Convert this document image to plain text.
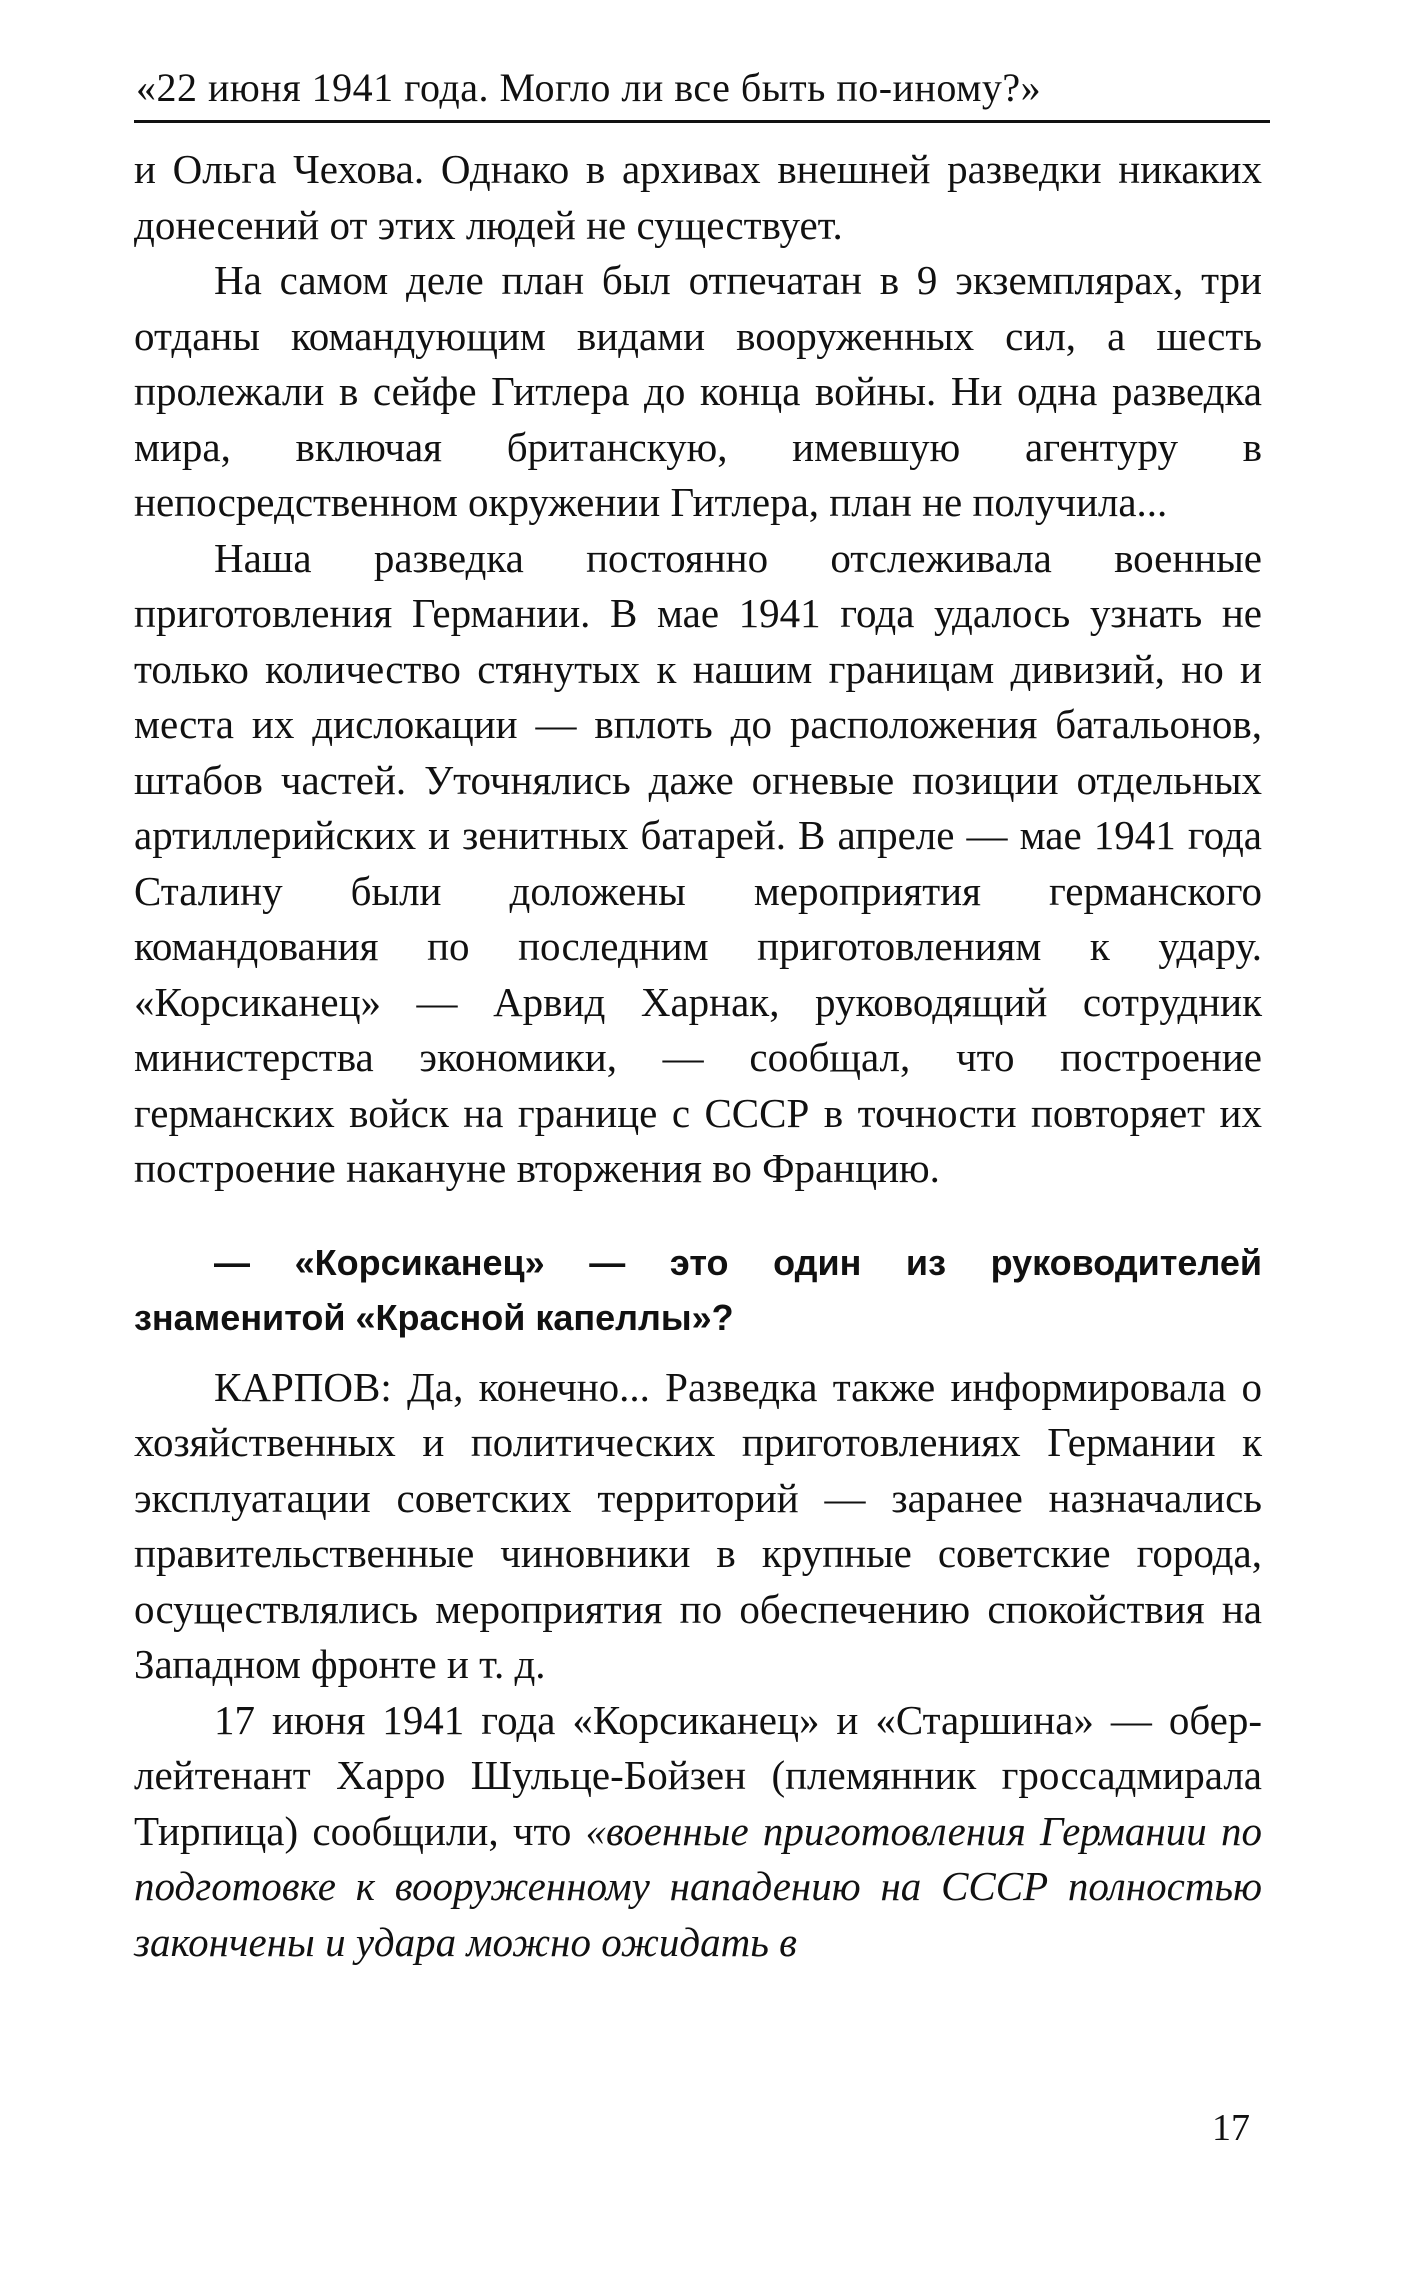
«22 июня 1941 года. Могло ли все быть по-иному?»

и Ольга Чехова. Однако в архивах внешней разведки никаких донесений от этих людей не существует.

На самом деле план был отпечатан в 9 экземплярах, три отданы командующим видами вооруженных сил, а шесть пролежали в сейфе Гитлера до конца войны. Ни одна разведка мира, включая британскую, имевшую агентуру в непосредственном окружении Гитлера, план не получила...

Наша разведка постоянно отслеживала военные приготовления Германии. В мае 1941 года удалось узнать не только количество стянутых к нашим границам дивизий, но и места их дислокации — вплоть до расположения батальонов, штабов частей. Уточнялись даже огневые позиции отдельных артиллерийских и зенитных батарей. В апреле — мае 1941 года Сталину были доложены мероприятия германского командования по последним приготовлениям к удару. «Корсиканец» — Арвид Харнак, руководящий сотрудник министерства экономики, — сообщал, что построение германских войск на границе с СССР в точности повторяет их построение накануне вторжения во Францию.

— «Корсиканец» — это один из руководителей знаменитой «Красной капеллы»?

КАРПОВ: Да, конечно... Разведка также информировала о хозяйственных и политических приготовлениях Германии к эксплуатации советских территорий — заранее назначались правительственные чиновники в крупные советские города, осуществлялись мероприятия по обеспечению спокойствия на Западном фронте и т. д.

17 июня 1941 года «Корсиканец» и «Старшина» — обер-лейтенант Харро Шульце-Бойзен (племянник гроссадмирала Тирпица) сообщили, что «военные приготовления Германии по подготовке к вооруженному нападению на СССР полностью закончены и удара можно ожидать в

17
